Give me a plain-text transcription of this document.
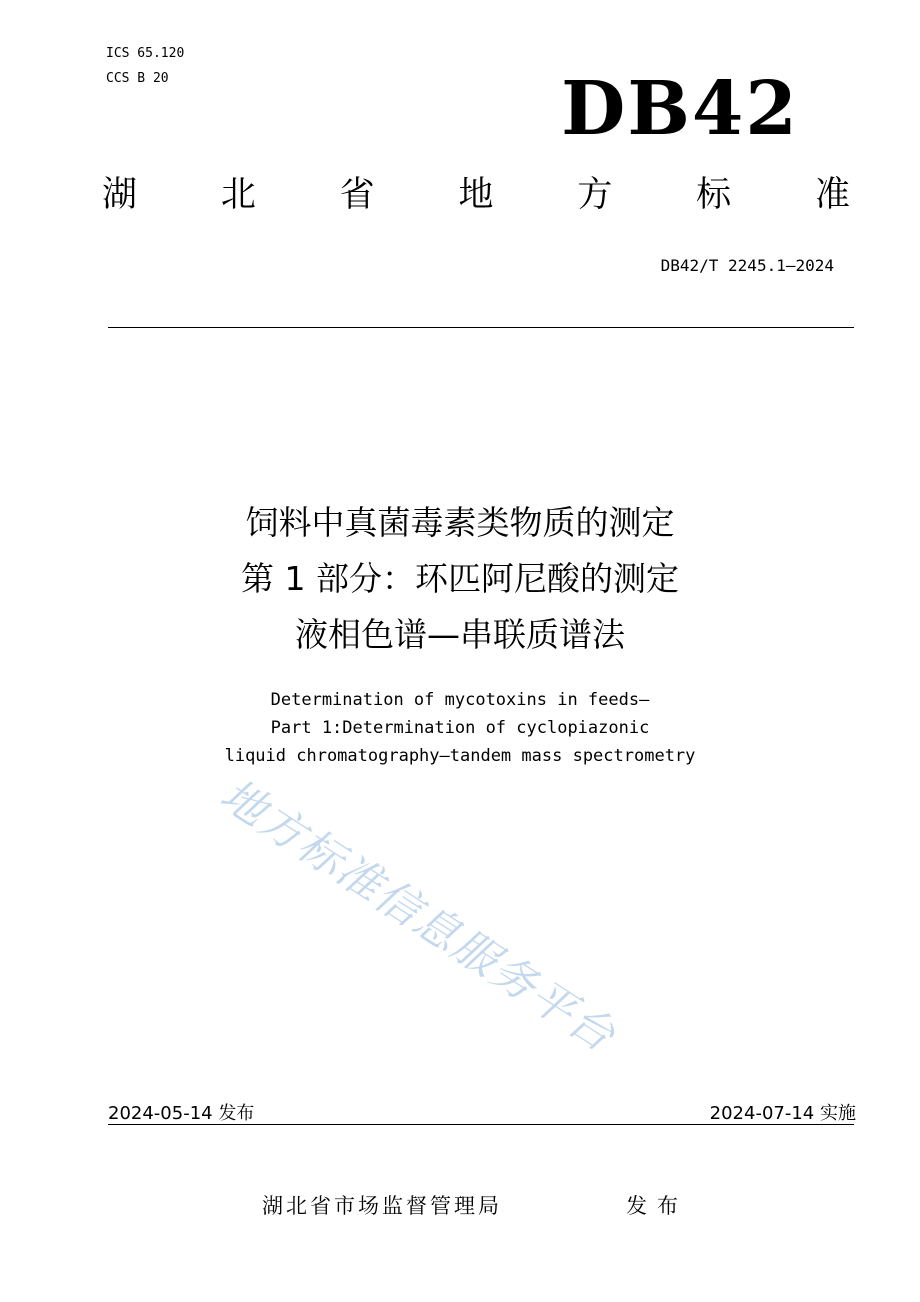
ICS 65.120
CCS B 20	DB42
湖 北 省 地 方 标 准
DB42/T 2245.1—2024
饲料中真菌毒素类物质的测定
第 1 部分：环匹阿尼酸的测定
液相色谱—串联质谱法
Determination of mycotoxins in feeds—
Part 1:Determination of cyclopiazonic
liquid chromatography—tandem mass spectrometry
地方标准信息服务平台
2024-05-14 发布	2024-07-14 实施
湖北省市场监督管理局	发布
